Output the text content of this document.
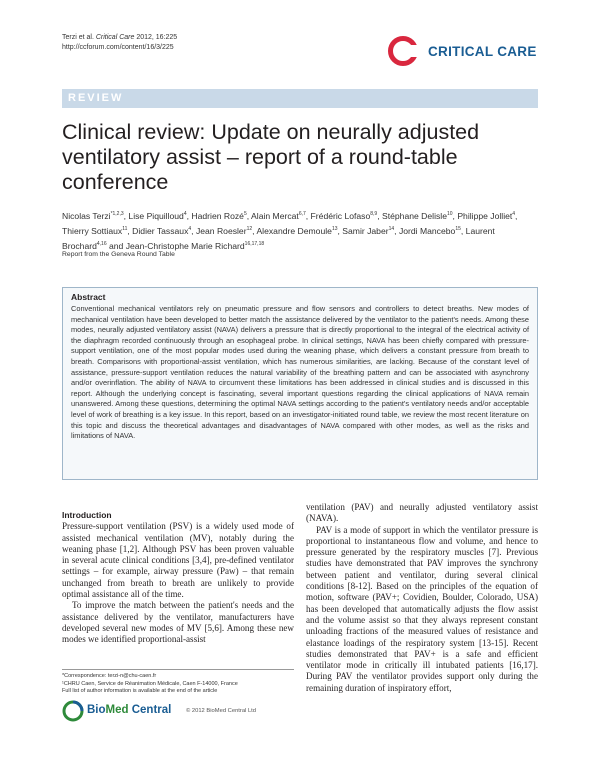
Terzi et al. Critical Care 2012, 16:225
http://ccforum.com/content/16/3/225	CRITICAL CARE
REVIEW
Clinical review: Update on neurally adjusted ventilatory assist – report of a round-table conference
Nicolas Terzi$^{*1,2,3}$, Lise Piquilloud$^4$, Hadrien Rozé$^5$, Alain Mercat$^{6,7}$, Frédéric Lofaso$^{8,9}$, Stéphane Delisle$^{10}$, Philippe Jolliet$^4$, Thierry Sottiaux$^{11}$, Didier Tassaux$^4$, Jean Roesler$^{12}$, Alexandre Demoule$^{13}$, Samir Jaber$^{14}$, Jordi Mancebo$^{15}$, Laurent Brochard$^{4,16}$ and Jean-Christophe Marie Richard$^{16,17,18}$
Report from the Geneva Round Table
Abstract

Conventional mechanical ventilators rely on pneumatic pressure and flow sensors and controllers to detect breaths. New modes of mechanical ventilation have been developed to better match the assistance delivered by the ventilator to the patient's needs. Among these modes, neurally adjusted ventilatory assist (NAVA) delivers a pressure that is directly proportional to the integral of the electrical activity of the diaphragm recorded continuously through an esophageal probe. In clinical settings, NAVA has been chiefly compared with pressure-support ventilation, one of the most popular modes used during the weaning phase, which delivers a constant pressure from breath to breath. Comparisons with proportional-assist ventilation, which has numerous similarities, are lacking. Because of the constant level of assistance, pressure-support ventilation reduces the natural variability of the breathing pattern and can be associated with asynchrony and/or overinflation. The ability of NAVA to circumvent these limitations has been addressed in clinical studies and is discussed in this report. Although the underlying concept is fascinating, several important questions regarding the clinical applications of NAVA remain unanswered. Among these questions, determining the optimal NAVA settings according to the patient's ventilatory needs and/or acceptable level of work of breathing is a key issue. In this report, based on an investigator-initiated round table, we review the most recent literature on this topic and discuss the theoretical advantages and disadvantages of NAVA compared with other modes, as well as the risks and limitations of NAVA.

Introduction

Pressure-support ventilation (PSV) is a widely used mode of assisted mechanical ventilation (MV), notably during the weaning phase [1,2]. Although PSV has been proven valuable in several acute clinical conditions [3,4], pre-defined ventilator settings – for example, airway pressure (Paw) – that remain unchanged from breath to breath are unlikely to provide optimal assistance all of the time.

To improve the match between the patient's needs and the assistance delivered by the ventilator, manufacturers have developed several new modes of MV [5,6]. Among these new modes we identified proportional-assist

ventilation (PAV) and neurally adjusted ventilatory assist (NAVA).

PAV is a mode of support in which the ventilator pressure is proportional to instantaneous flow and volume, and hence to pressure generated by the respiratory muscles [7]. Previous studies have demonstrated that PAV improves the synchrony between patient and ventilator, during several clinical conditions [8-12]. Based on the principles of the equation of motion, software (PAV+; Covidien, Boulder, Colorado, USA) has been developed that automatically adjusts the flow assist and the volume assist so that they always represent constant unloading fractions of the measured values of resistance and elastance loadings of the respiratory system [13-15]. Recent studies demonstrated that PAV+ is a safe and efficient ventilator mode in critically ill intubated patients [16,17]. During PAV the ventilator provides support only during the remaining duration of inspiratory effort,

*Correspondence: terzi-n@chu-caen.fr
¹CHRU Caen, Service de Réanimation Médicale, Caen F-14000, France
Full list of author information is available at the end of the article
BioMed Central	© 2012 BioMed Central Ltd
